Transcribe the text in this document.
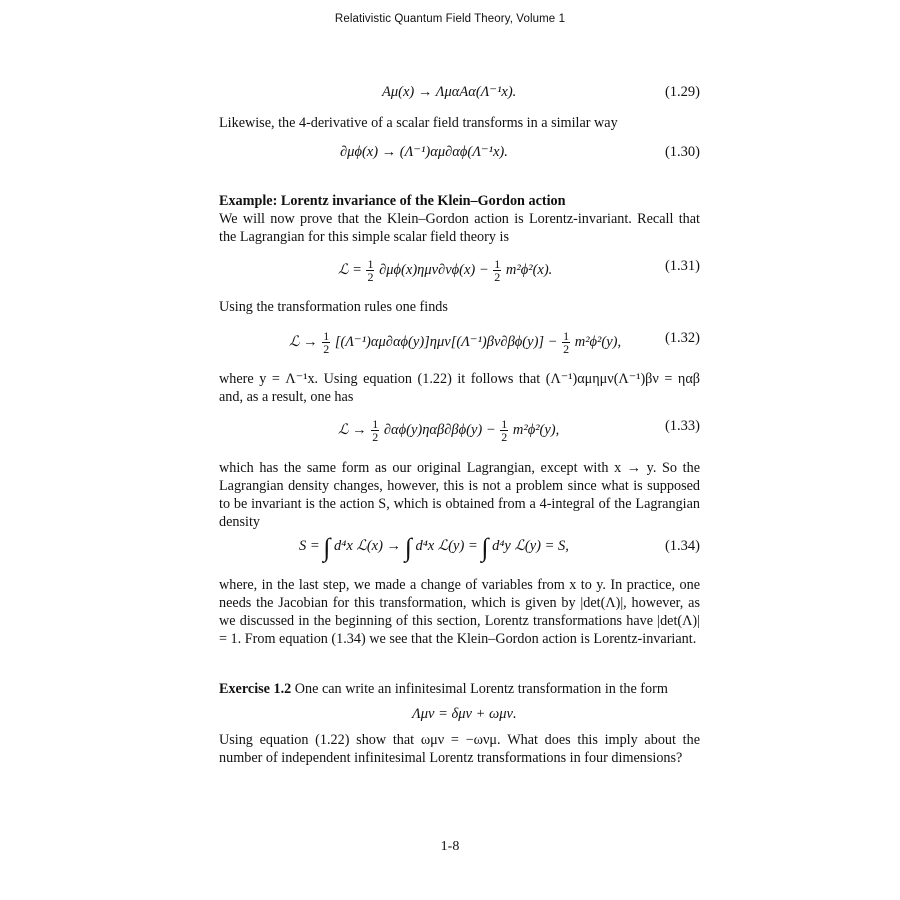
Relativistic Quantum Field Theory, Volume 1
Aμ(x) → ΛμαAα(Λ⁻¹x).	(1.29)
Likewise, the 4-derivative of a scalar field transforms in a similar way
∂μϕ(x) → (Λ⁻¹)αμ∂αϕ(Λ⁻¹x).	(1.30)
Example: Lorentz invariance of the Klein–Gordon action
We will now prove that the Klein–Gordon action is Lorentz-invariant. Recall that the Lagrangian for this simple scalar field theory is
ℒ = $\frac{1}{2} \partial\mu\phi(x)\eta\mu\nu\partial\nu\phi(x) - \frac{1}{2} m^2\phi^2(x)$.	(1.31)
Using the transformation rules one finds
ℒ → $\frac{1}{2} [(\Lambda^{-1})\alpha\mu\partial\alpha\phi(y)]\eta\mu\nu[(\Lambda^{-1})\beta\nu\partial\beta\phi(y)] - \frac{1}{2} m^2\phi^2(y)$,	(1.32)
where y = Λ⁻¹x. Using equation (1.22) it follows that (Λ⁻¹)αμημν(Λ⁻¹)βν = ηαβ and, as a result, one has
ℒ → $\frac{1}{2} \partial\alpha\phi(y)\eta\alpha\beta\partial\beta\phi(y) - \frac{1}{2} m^2\phi^2(y)$,	(1.33)
which has the same form as our original Lagrangian, except with x → y. So the Lagrangian density changes, however, this is not a problem since what is supposed to be invariant is the action S, which is obtained from a 4-integral of the Lagrangian density
S = ∫ d⁴x ℒ(x) → ∫ d⁴x ℒ(y) = ∫ d⁴y ℒ(y) = S,	(1.34)
where, in the last step, we made a change of variables from x to y. In practice, one needs the Jacobian for this transformation, which is given by |det(Λ)|, however, as we discussed in the beginning of this section, Lorentz transformations have |det(Λ)| = 1. From equation (1.34) we see that the Klein–Gordon action is Lorentz-invariant.
Exercise 1.2 One can write an infinitesimal Lorentz transformation in the form
Λμν = δμν + ωμν.
Using equation (1.22) show that ωμν = −ωνμ. What does this imply about the number of independent infinitesimal Lorentz transformations in four dimensions?
1-8
